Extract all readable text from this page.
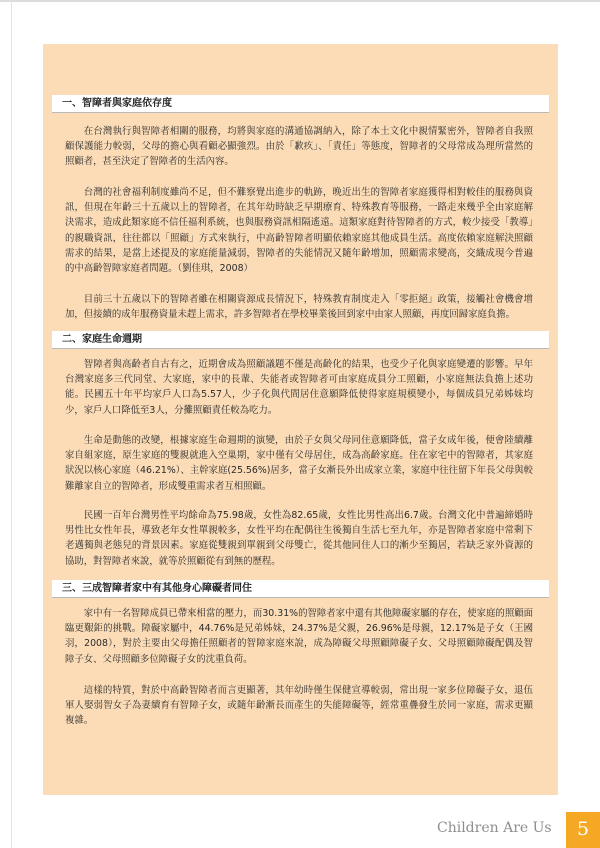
一、智障者與家庭依存度

在台灣執行與智障者相關的服務，均將與家庭的溝通協調納入，除了本土文化中親情緊密外，智障者自我照顧保護能力較弱，父母的擔心與看顧必顯強烈。由於「歉疚」、「責任」等態度，智障者的父母常成為理所當然的照顧者，甚至決定了智障者的生活內容。

台灣的社會福利制度雖尚不足，但不難察覺出進步的軌跡，晚近出生的智障者家庭獲得相對較佳的服務與資訊，但現在年齡三十五歲以上的智障者，在其年幼時缺乏早期療育、特殊教育等服務，一路走來幾乎全由家庭解決需求，造成此類家庭不信任福利系統，也與服務資訊相隔遙遠。這類家庭對待智障者的方式，較少接受「教導」的親職資訊，往往都以「照顧」方式來執行，中高齡智障者明顯依賴家庭其他成員生活。高度依賴家庭解決照顧需求的結果，是當上述提及的家庭能量減弱，智障者的失能情況又隨年齡增加，照顧需求變高，交織成現今普遍的中高齡智障家庭者問題。（劉佳琪，2008）

目前三十五歲以下的智障者雖在相關資源成長情況下，特殊教育制度走入「零拒絕」政策，接觸社會機會增加，但接續的成年服務資量未趕上需求，許多智障者在學校畢業後回到家中由家人照顧，再度回歸家庭負擔。

二、家庭生命週期

智障者與高齡者自古有之，近期會成為照顧議題不僅是高齡化的結果，也受少子化與家庭變遷的影響。早年台灣家庭多三代同堂、大家庭，家中的長輩、失能者或智障者可由家庭成員分工照顧，小家庭無法負擔上述功能。民國五十年平均家戶人口為5.57人，少子化與代間居住意願降低使得家庭規模變小，每個成員兄弟姊妹均少，家戶人口降低至3人，分攤照顧責任較為吃力。

生命是動態的改變，根據家庭生命週期的演變，由於子女與父母同住意願降低，當子女成年後，便會陸續離家自組家庭，原生家庭的雙親就進入空巢期，家中僅有父母居住，成為高齡家庭。住在家宅中的智障者，其家庭狀況以核心家庭（46.21%）、主幹家庭(25.56%)居多，當子女漸長外出成家立業，家庭中往往留下年長父母與較難離家自立的智障者，形成雙重需求者互相照顧。

民國一百年台灣男性平均餘命為75.98歲，女性為82.65歲，女性比男性高出6.7歲。台灣文化中普遍締婚時男性比女性年長，導致老年女性單親較多，女性平均在配偶往生後獨自生活七至九年，亦是智障者家庭中常剩下老邁獨與老態兒的背景因素。家庭從雙親到單親到父母雙亡，從其他同住人口的漸少至獨居，若缺乏家外資源的協助，對智障者來說，就等於照顧從有到無的歷程。

三、三成智障者家中有其他身心障礙者同住

家中有一名智障成員已帶來相當的壓力，而30.31%的智障者家中還有其他障礙家屬的存在，使家庭的照顧面臨更艱鉅的挑戰。障礙家屬中，44.76%是兄弟姊妹，24.37%是父親，26.96%是母親，12.17%是子女（王國羽，2008），對於主要由父母擔任照顧者的智障家庭來說，成為障礙父母照顧障礙子女、父母照顧障礙配偶及智障子女、父母照顧多位障礙子女的沈重負荷。

這樣的特質，對於中高齡智障者而言更顯著，其年幼時僅生保健宣導較弱，常出現一家多位障礙子女，退伍軍人娶弱智女子為妻續育有智障子女，或隨年齡漸長而產生的失能障礙等，經常重疊發生於同一家庭，需求更顯複雜。

Children Are Us	5
